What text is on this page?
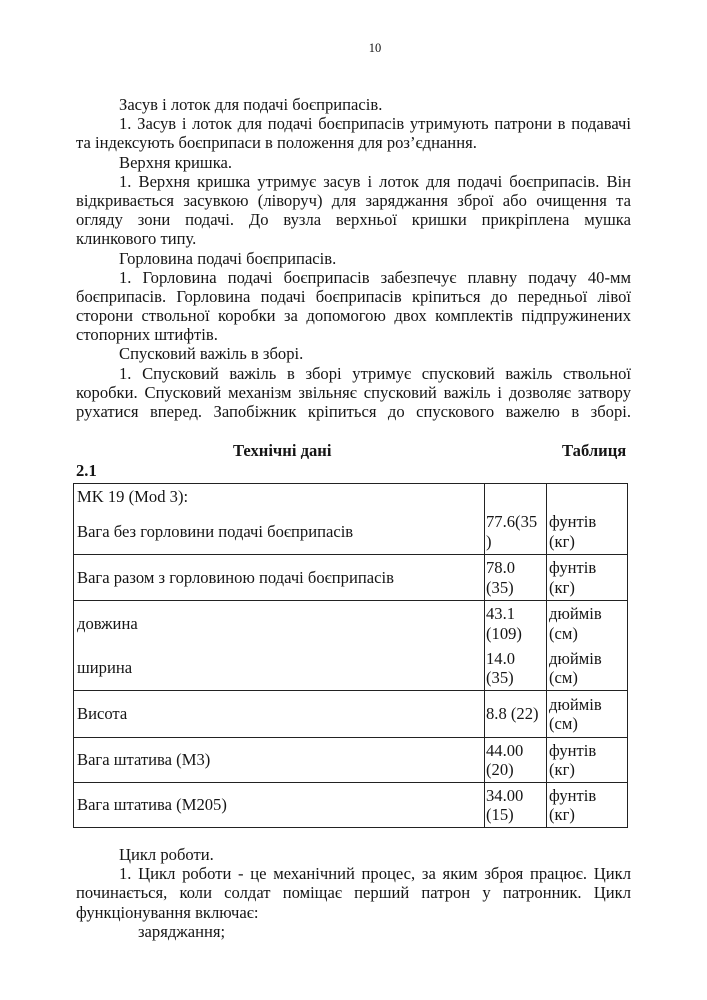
10
Засув і лоток для подачі боєприпасів.
1. Засув і лоток для подачі боєприпасів утримують патрони в подавачі
та індексують боєприпаси в положення для роз’єднання.
Верхня кришка.
1. Верхня кришка утримує засув і лоток для подачі боєприпасів. Він
відкривається засувкою (ліворуч) для заряджання зброї або очищення та
огляду зони подачі. До вузла верхньої кришки прикріплена мушка
клинкового типу.
Горловина подачі боєприпасів.
1. Горловина подачі боєприпасів забезпечує плавну подачу 40-мм
боєприпасів. Горловина подачі боєприпасів кріпиться до передньої лівої
сторони ствольної коробки за допомогою двох комплектів підпружинених
стопорних штифтів.
Спусковий важіль в зборі.
1. Спусковий важіль в зборі утримує спусковий важіль ствольної
коробки. Спусковий механізм звільняє спусковий важіль і дозволяє затвору
рухатися вперед. Запобіжник кріпиться до спускового важелю в зборі.
Технічні дані	Таблиця
2.1
MK 19 (Mod 3):		
Вага без горловини подачі боєприпасів	77.6(35
)	фунтів
(кг)

Вага разом з горловиною подачі боєприпасів	78.0
(35)	фунтів
(кг)

довжина	43.1
(109)	дюймів
(см)

ширина	14.0
(35)	дюймів
(см)

Висота	8.8 (22)	дюймів
(см)

Вага штатива (M3)	44.00
(20)	фунтів
(кг)

Вага штатива (M205)	34.00
(15)	фунтів
(кг)
Цикл роботи.
1. Цикл роботи - це механічний процес, за яким зброя працює. Цикл
починається, коли солдат поміщає перший патрон у патронник. Цикл
функціонування включає:
заряджання;
